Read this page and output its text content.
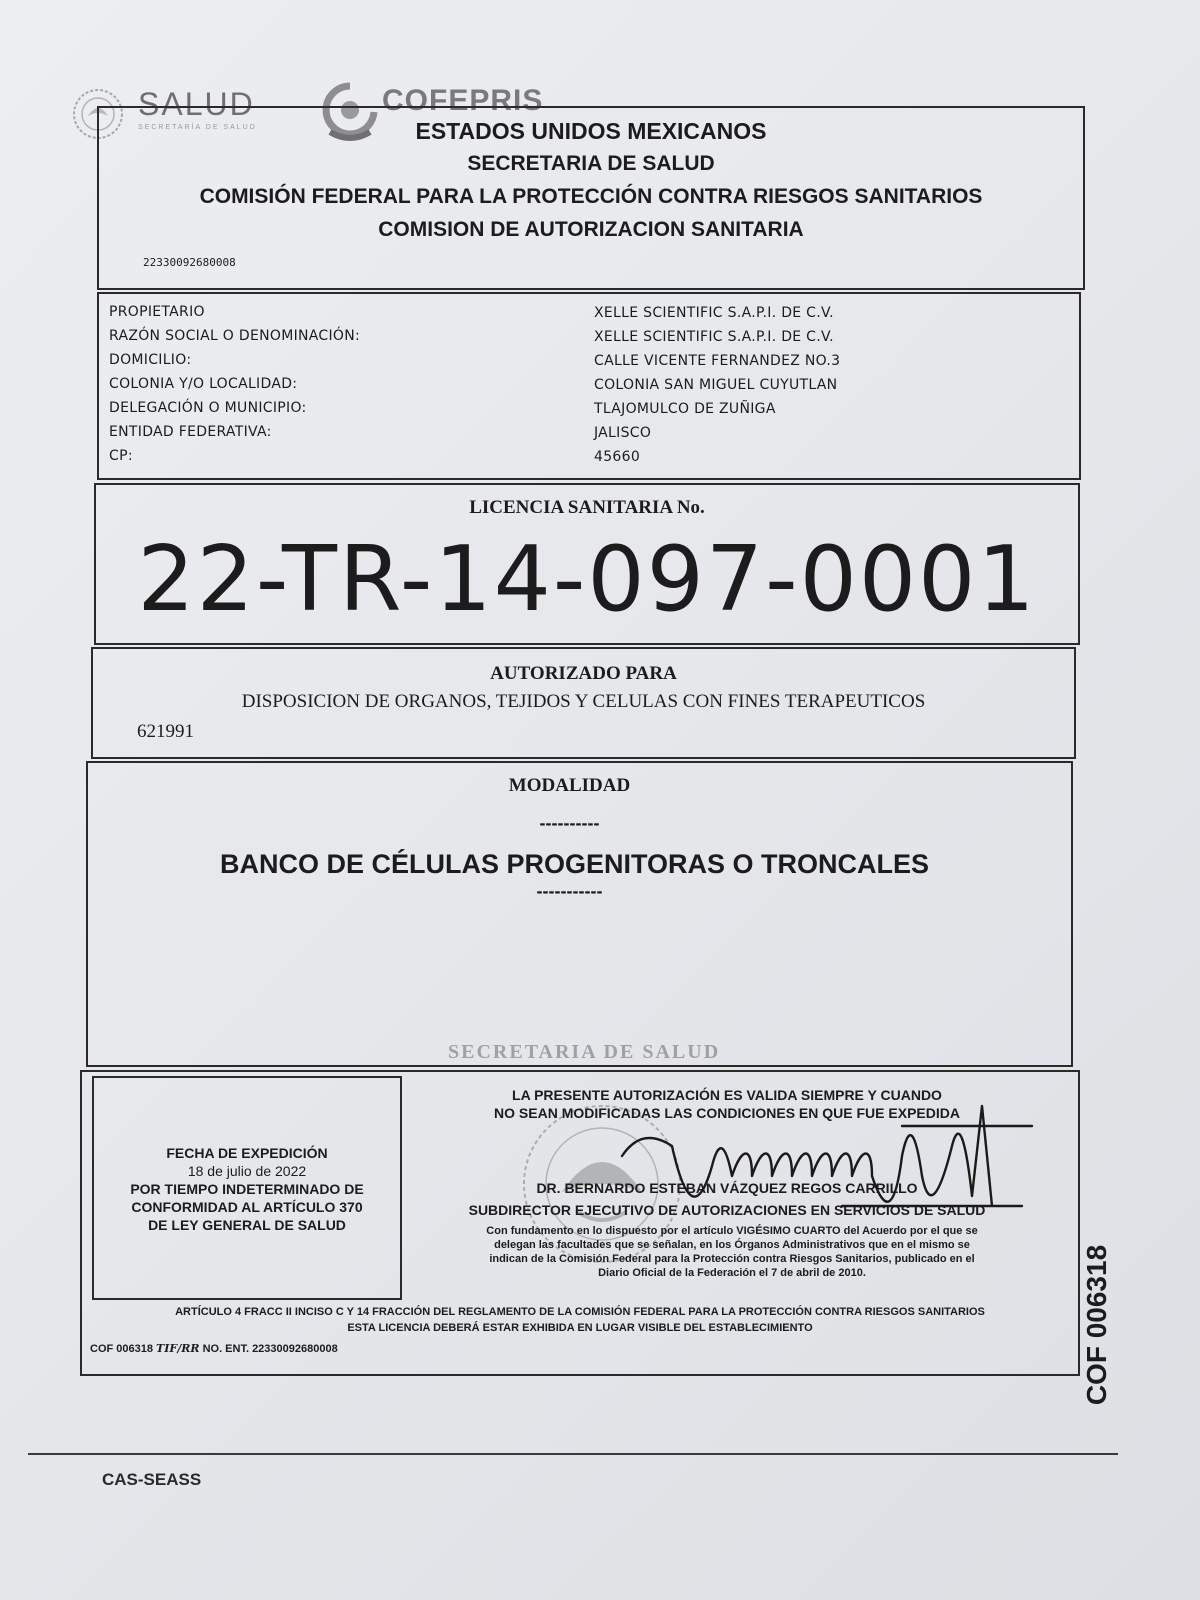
SALUD
SECRETARÍA DE SALUD
COFEPRIS
ESTADOS UNIDOS MEXICANOS
SECRETARIA DE SALUD
COMISIÓN FEDERAL PARA LA PROTECCIÓN CONTRA RIESGOS SANITARIOS
COMISION DE AUTORIZACION SANITARIA
22330092680008
PROPIETARIO
RAZÓN SOCIAL O DENOMINACIÓN:
DOMICILIO:
COLONIA Y/O LOCALIDAD:
DELEGACIÓN O MUNICIPIO:
ENTIDAD FEDERATIVA:
CP:
XELLE SCIENTIFIC S.A.P.I. DE C.V.
XELLE SCIENTIFIC S.A.P.I. DE C.V.
CALLE VICENTE FERNANDEZ NO.3
COLONIA SAN MIGUEL CUYUTLAN
TLAJOMULCO DE ZUÑIGA
JALISCO
45660
LICENCIA SANITARIA No.
22-TR-14-097-0001
AUTORIZADO PARA
DISPOSICION DE ORGANOS, TEJIDOS Y CELULAS CON FINES TERAPEUTICOS
621991
MODALIDAD
----------
BANCO DE CÉLULAS PROGENITORAS O TRONCALES
-----------
SECRETARIA DE SALUD
FECHA DE EXPEDICIÓN
18 de julio de 2022
POR TIEMPO INDETERMINADO DE
CONFORMIDAD AL ARTÍCULO 370
DE LEY GENERAL DE SALUD
LA PRESENTE AUTORIZACIÓN ES VALIDA SIEMPRE Y CUANDO
NO SEAN MODIFICADAS LAS CONDICIONES EN QUE FUE EXPEDIDA
DR. BERNARDO ESTEBAN VÁZQUEZ REGOS CARRILLO
SUBDIRECTOR EJECUTIVO DE AUTORIZACIONES EN SERVICIOS DE SALUD
Con fundamento en lo dispuesto por el artículo VIGÉSIMO CUARTO del Acuerdo por el que se
delegan las facultades que se señalan, en los Órganos Administrativos que en el mismo se
indican de la Comisión Federal para la Protección contra Riesgos Sanitarios, publicado en el
Diario Oficial de la Federación el 7 de abril de 2010.
ARTÍCULO 4 FRACC II INCISO C Y 14 FRACCIÓN DEL REGLAMENTO DE LA COMISIÓN FEDERAL PARA LA PROTECCIÓN CONTRA RIESGOS SANITARIOS
ESTA LICENCIA DEBERÁ ESTAR EXHIBIDA EN LUGAR VISIBLE DEL ESTABLECIMIENTO
COF 006318 TIF/RR NO. ENT. 22330092680008	COF 006318
CAS-SEASS
